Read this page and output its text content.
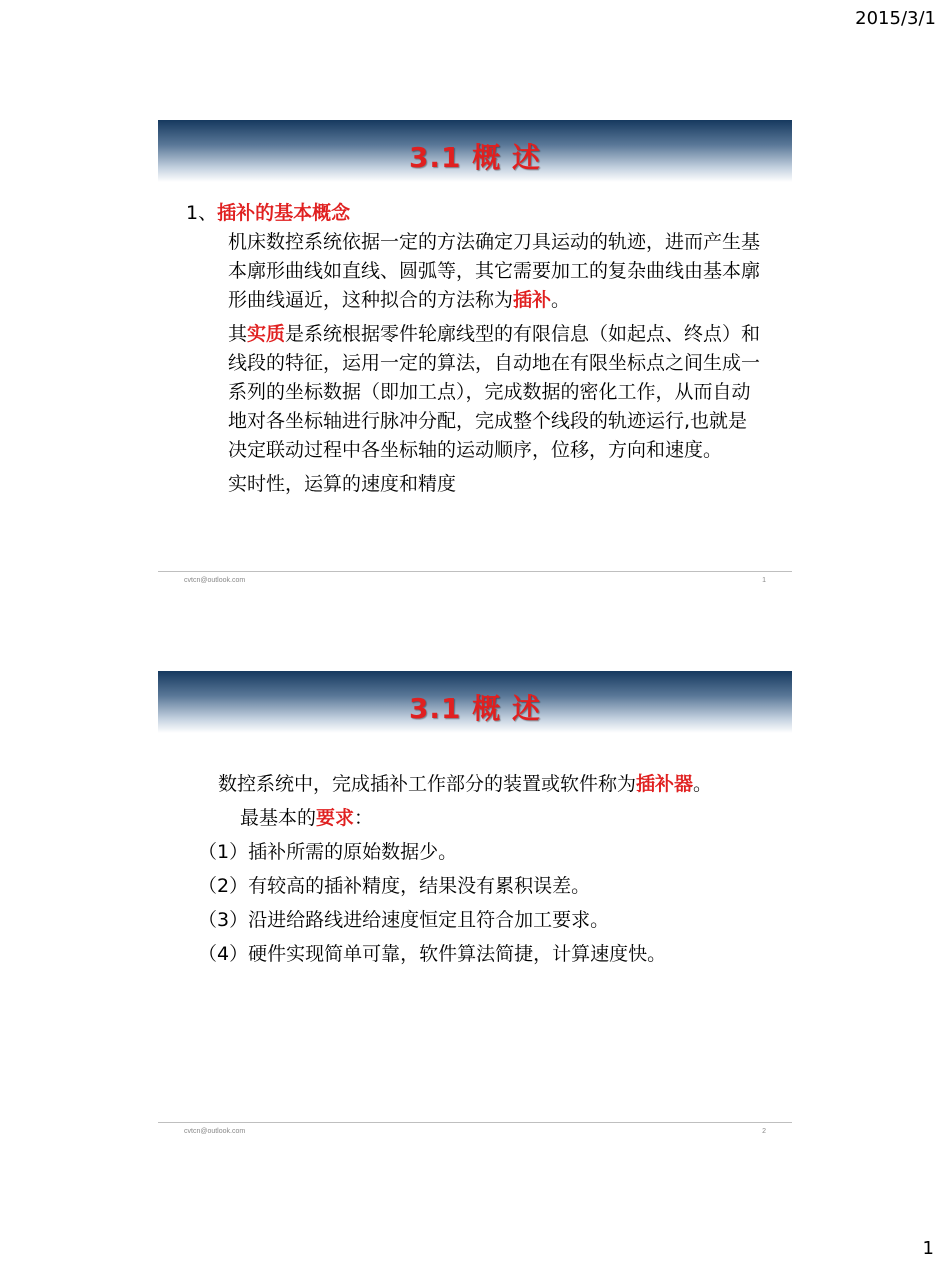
2015/3/1
3.1 概 述

1、插补的基本概念

机床数控系统依据一定的方法确定刀具运动的轨迹，进而产生基本廓形曲线如直线、圆弧等，其它需要加工的复杂曲线由基本廓形曲线逼近，这种拟合的方法称为插补。

其实质是系统根据零件轮廓线型的有限信息（如起点、终点）和线段的特征，运用一定的算法，自动地在有限坐标点之间生成一系列的坐标数据（即加工点），完成数据的密化工作，从而自动地对各坐标轴进行脉冲分配，完成整个线段的轨迹运行,也就是决定联动过程中各坐标轴的运动顺序，位移，方向和速度。

实时性，运算的速度和精度

cvtcn@outlook.com	1
3.1 概 述

数控系统中，完成插补工作部分的装置或软件称为插补器。

最基本的要求：

（1）插补所需的原始数据少。

（2）有较高的插补精度，结果没有累积误差。

（3）沿进给路线进给速度恒定且符合加工要求。

（4）硬件实现简单可靠，软件算法简捷，计算速度快。

cvtcn@outlook.com	2
1
